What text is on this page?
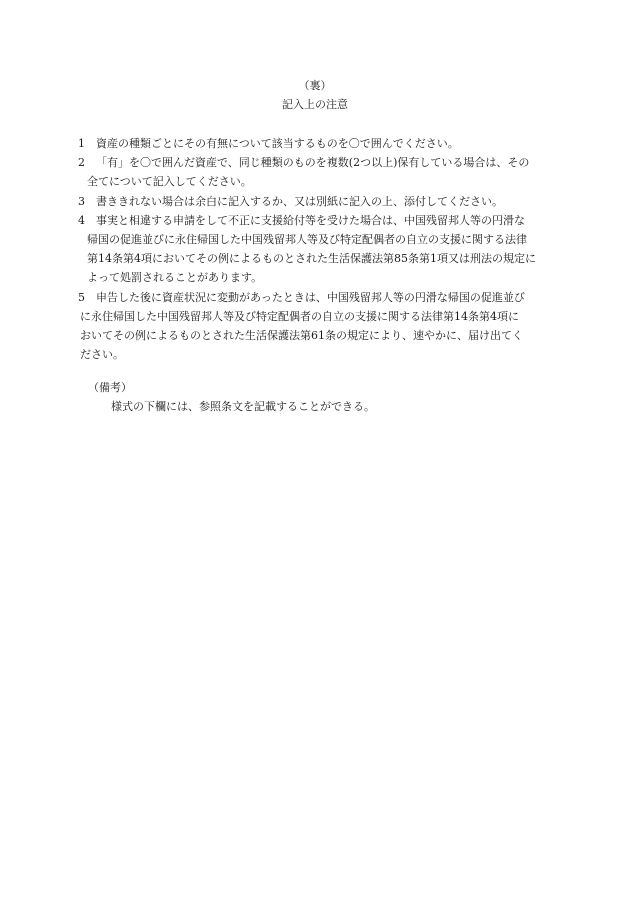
（裏）
記入上の注意
1 資産の種類ごとにその有無について該当するものを〇で囲んでください。
2 「有」を〇で囲んだ資産で、同じ種類のものを複数(2つ以上)保有している場合は、その
全てについて記入してください。
3 書ききれない場合は余白に記入するか、又は別紙に記入の上、添付してください。
4 事実と相違する申請をして不正に支援給付等を受けた場合は、中国残留邦人等の円滑な
帰国の促進並びに永住帰国した中国残留邦人等及び特定配偶者の自立の支援に関する法律
第14条第4項においてその例によるものとされた生活保護法第85条第1項又は刑法の規定に
よって処罰されることがあります。
5 申告した後に資産状況に変動があったときは、中国残留邦人等の円滑な帰国の促進並び
に永住帰国した中国残留邦人等及び特定配偶者の自立の支援に関する法律第14条第4項に
おいてその例によるものとされた生活保護法第61条の規定により、速やかに、届け出てく
ださい。
（備考）
様式の下欄には、参照条文を記載することができる。
